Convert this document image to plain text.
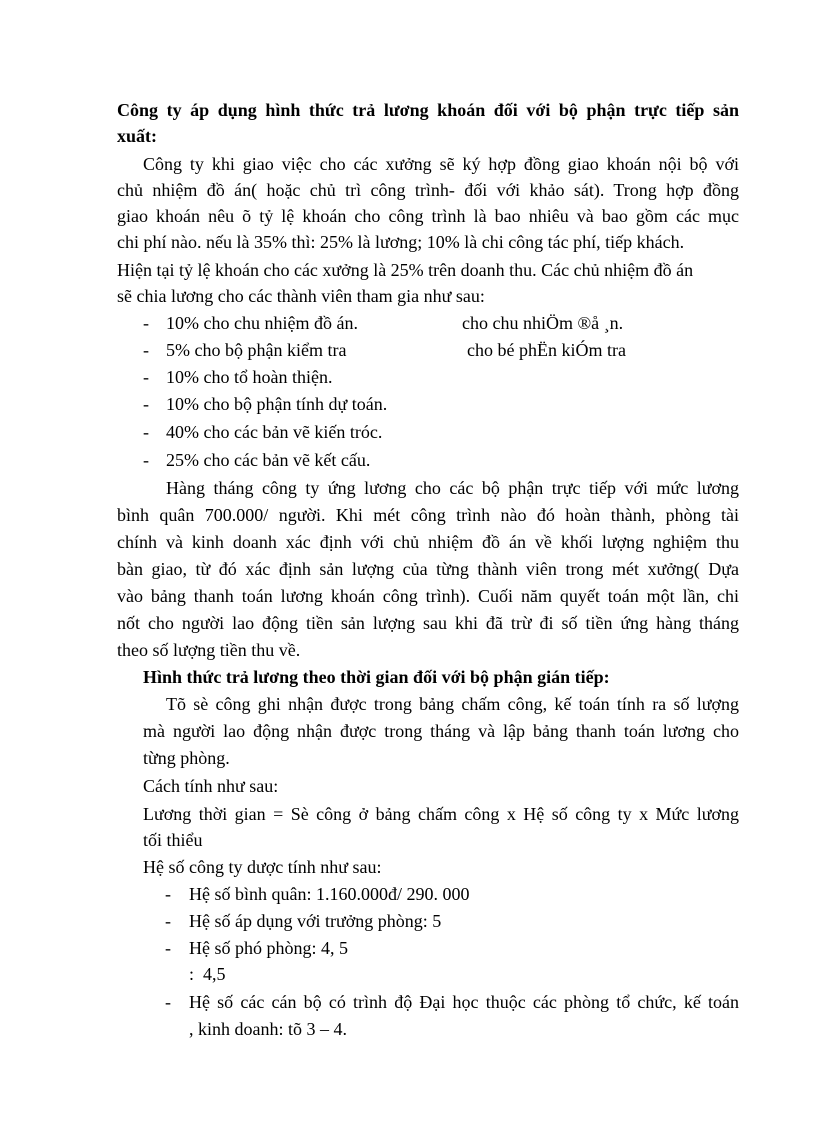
Công ty áp dụng hình thức trả lương khoán đối với bộ phận trực tiếp sản
xuất:
Công ty khi giao việc cho các xưởng sẽ ký hợp đồng giao khoán nội bộ với
chủ nhiệm đồ án( hoặc chủ trì công trình- đối với khảo sát). Trong hợp đồng
giao khoán nêu õ tỷ lệ khoán cho công trình là bao nhiêu và bao gồm các mục
chi phí nào. nếu là 35% thì: 25% là lương; 10% là chi công tác phí, tiếp khách.
Hiện tại tỷ lệ khoán cho các xưởng là 25% trên doanh thu. Các chủ nhiệm đồ án
sẽ chia lương cho các thành viên tham gia như sau:
- 10% cho chu nhiệm đồ án.	cho chu nhiÖm ®å ¸n.
- 5% cho bộ phận kiểm tra	cho bé phËn kiÓm tra
- 10% cho tổ hoàn thiện.
- 10% cho bộ phận tính dự toán.
- 40% cho các bản vẽ kiến tróc.
- 25% cho các bản vẽ kết cấu.
Hàng tháng công ty ứng lương cho các bộ phận trực tiếp với mức lương
bình quân 700.000/ người. Khi mét công trình nào đó hoàn thành, phòng tài
chính và kinh doanh xác định với chủ nhiệm đồ án về khối lượng nghiệm thu
bàn giao, từ đó xác định sản lượng của từng thành viên trong mét xưởng( Dựa
vào bảng thanh toán lương khoán công trình). Cuối năm quyết toán một lần, chi
nốt cho người lao động tiền sản lượng sau khi đã trừ đi số tiền ứng hàng tháng
theo số lượng tiền thu về.
Hình thức trả lương theo thời gian đối với bộ phận gián tiếp:
Tõ sè công ghi nhận được trong bảng chấm công, kế toán tính ra số lượng
mà người lao động nhận được trong tháng và lập bảng thanh toán lương cho
từng phòng.
Cách tính như sau:
Lương thời gian = Sè công ở bảng chấm công x Hệ số công ty x Mức lương
tối thiểu
Hệ số công ty dược tính như sau:
- Hệ số bình quân: 1.160.000đ/ 290. 000
- Hệ số áp dụng với trưởng phòng: 5
- Hệ số phó phòng: 4, 5
:  4,5
- Hệ số các cán bộ có trình độ Đại học thuộc các phòng tổ chức, kế toán
, kinh doanh: tõ 3 – 4.
